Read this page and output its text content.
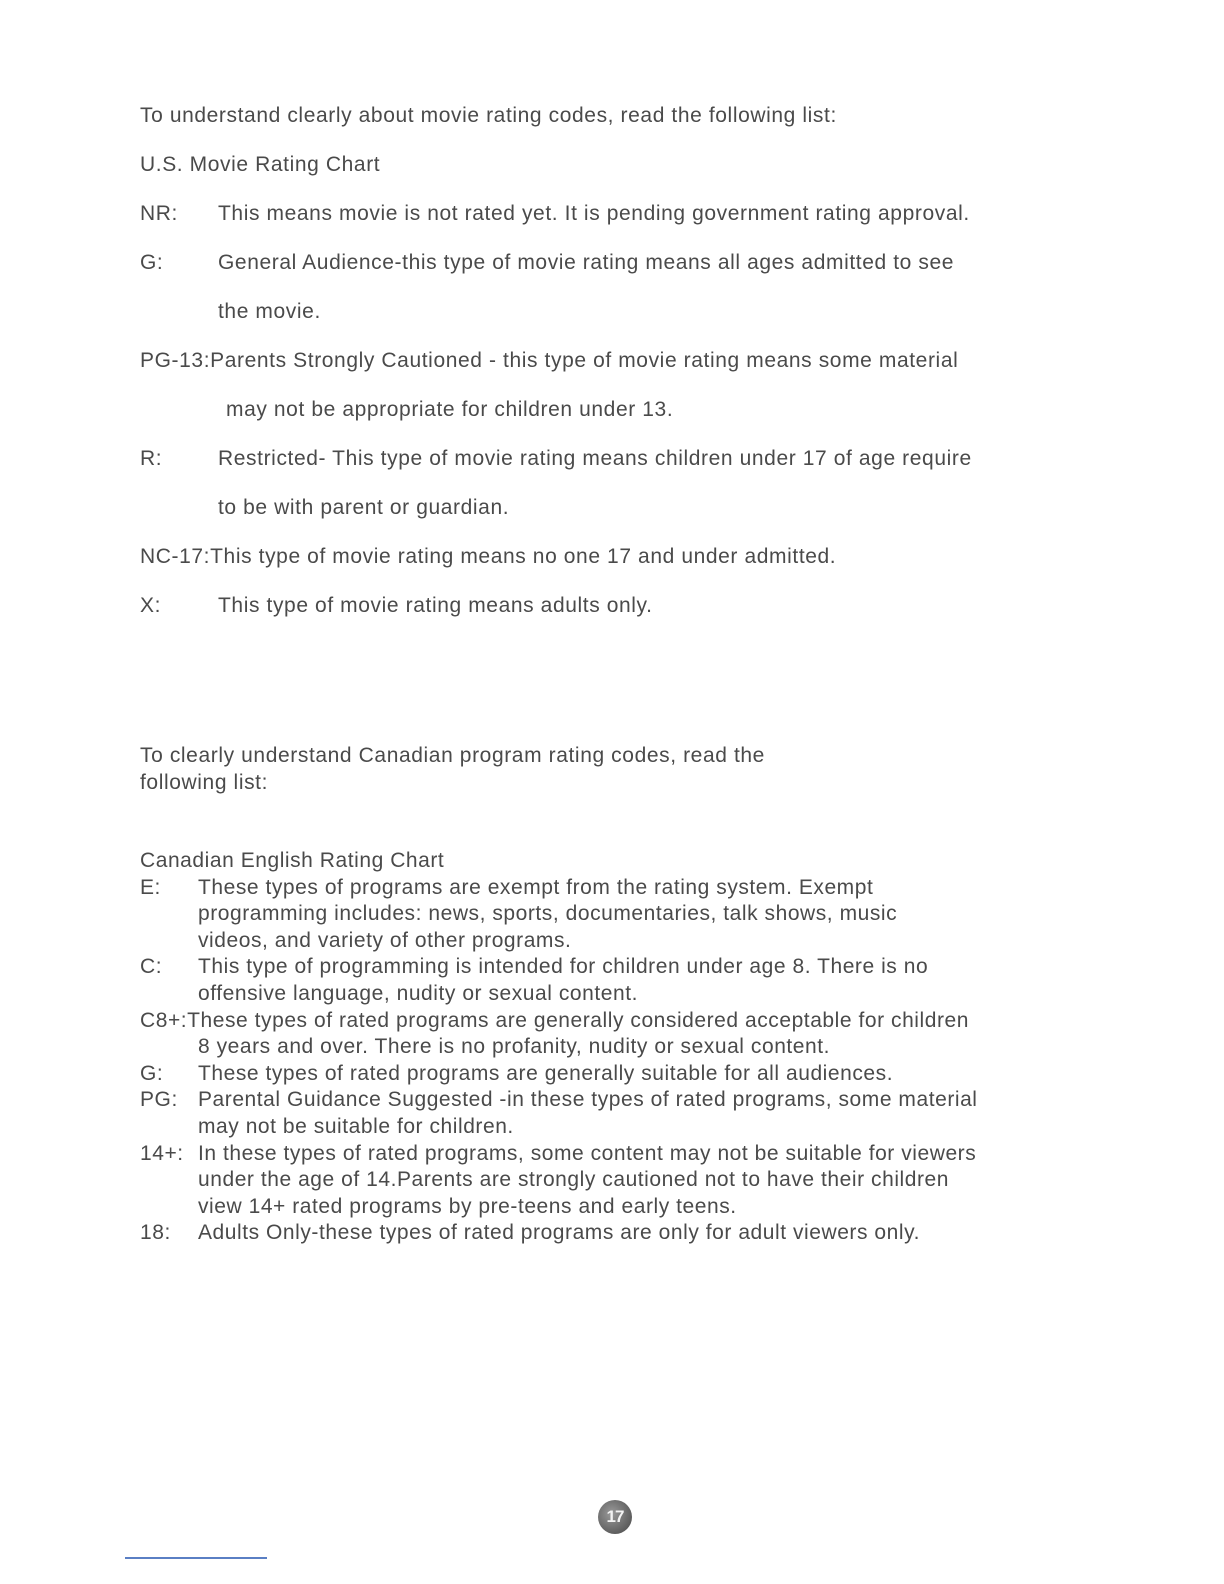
To understand clearly about movie rating codes, read the following list:
U.S. Movie Rating Chart
NR: This means movie is not rated yet. It is pending government rating approval.
G:	General Audience-this type of movie rating means all ages admitted to see
the movie.
PG-13:Parents Strongly Cautioned - this type of movie rating means some material
may not be appropriate for children under 13.
R:	Restricted- This type of movie rating means children under 17 of age require
to be with parent or guardian.
NC-17:This type of movie rating means no one 17 and under admitted.
X:	This type of movie rating means adults only.
To clearly understand Canadian program rating codes, read the
following list:
Canadian English Rating Chart
E: These types of programs are exempt from the rating system. Exempt
programming includes: news, sports, documentaries, talk shows, music
videos, and variety of other programs.
C: This type of programming is intended for children under age 8. There is no
offensive language, nudity or sexual content.
C8+:These types of rated programs are generally considered acceptable for children
8 years and over. There is no profanity, nudity or sexual content.
G: These types of rated programs are generally suitable for all audiences.
PG: Parental Guidance Suggested -in these types of rated programs, some material
may not be suitable for children.
14+: In these types of rated programs, some content may not be suitable for viewers
under the age of 14.Parents are strongly cautioned not to have their children
view 14+ rated programs by pre-teens and early teens.
18: Adults Only-these types of rated programs are only for adult viewers only.
17
